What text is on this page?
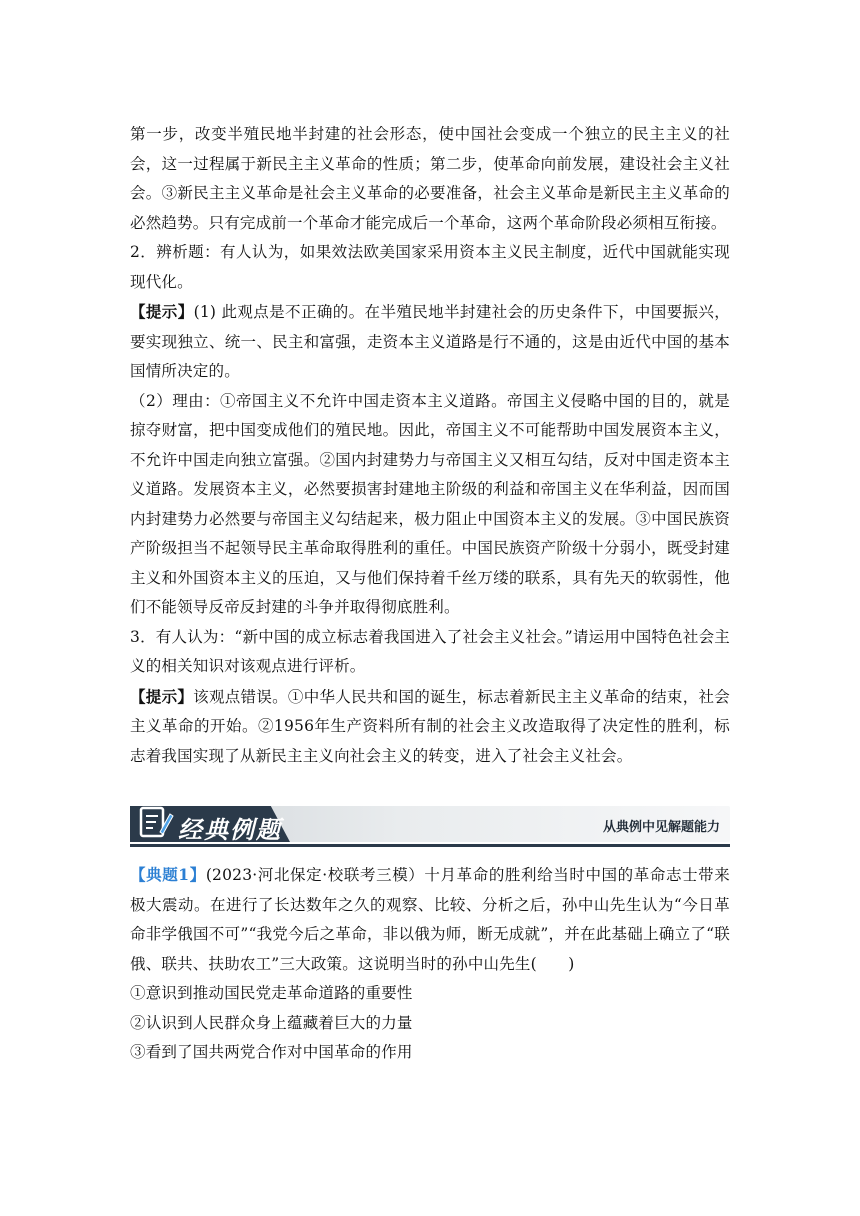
第一步，改变半殖民地半封建的社会形态，使中国社会变成一个独立的民主主义的社会，这一过程属于新民主主义革命的性质；第二步，使革命向前发展，建设社会主义社会。③新民主主义革命是社会主义革命的必要准备，社会主义革命是新民主主义革命的必然趋势。只有完成前一个革命才能完成后一个革命，这两个革命阶段必须相互衔接。

2．辨析题：有人认为，如果效法欧美国家采用资本主义民主制度，近代中国就能实现现代化。

【提示】(1) 此观点是不正确的。在半殖民地半封建社会的历史条件下，中国要振兴，要实现独立、统一、民主和富强，走资本主义道路是行不通的，这是由近代中国的基本国情所决定的。

（2）理由：①帝国主义不允许中国走资本主义道路。帝国主义侵略中国的目的，就是掠夺财富，把中国变成他们的殖民地。因此，帝国主义不可能帮助中国发展资本主义，不允许中国走向独立富强。②国内封建势力与帝国主义又相互勾结，反对中国走资本主义道路。发展资本主义，必然要损害封建地主阶级的利益和帝国主义在华利益，因而国内封建势力必然要与帝国主义勾结起来，极力阻止中国资本主义的发展。③中国民族资产阶级担当不起领导民主革命取得胜利的重任。中国民族资产阶级十分弱小，既受封建主义和外国资本主义的压迫，又与他们保持着千丝万缕的联系，具有先天的软弱性，他们不能领导反帝反封建的斗争并取得彻底胜利。

3．有人认为：“新中国的成立标志着我国进入了社会主义社会。”请运用中国特色社会主义的相关知识对该观点进行评析。

【提示】该观点错误。①中华人民共和国的诞生，标志着新民主主义革命的结束，社会主义革命的开始。②1956年生产资料所有制的社会主义改造取得了决定性的胜利，标志着我国实现了从新民主主义向社会主义的转变，进入了社会主义社会。

经典例题	从典例中见解题能力

【典题1】(2023·河北保定·校联考三模）十月革命的胜利给当时中国的革命志士带来极大震动。在进行了长达数年之久的观察、比较、分析之后，孙中山先生认为“今日革命非学俄国不可”“我党今后之革命，非以俄为师，断无成就”，并在此基础上确立了“联俄、联共、扶助农工”三大政策。这说明当时的孙中山先生(　　)

①意识到推动国民党走革命道路的重要性

②认识到人民群众身上蕴藏着巨大的力量

③看到了国共两党合作对中国革命的作用
